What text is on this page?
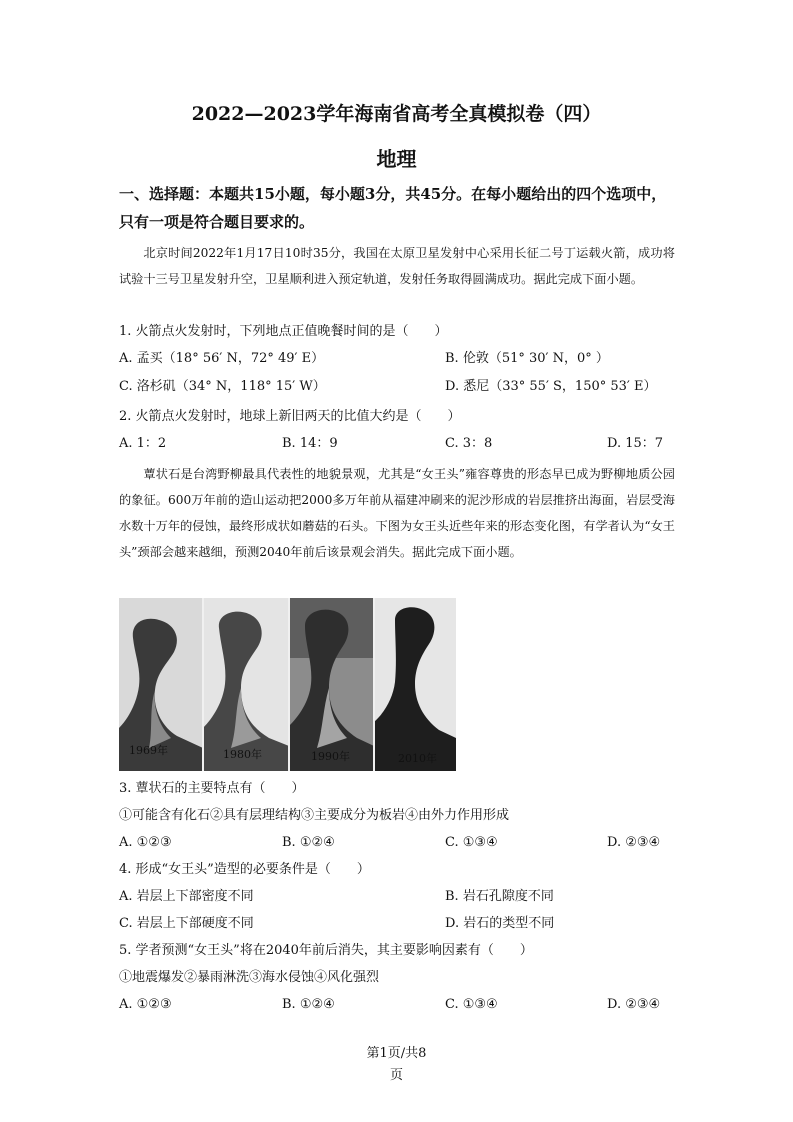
2022—2023学年海南省高考全真模拟卷（四）
地理
一、选择题：本题共15小题，每小题3分，共45分。在每小题给出的四个选项中，只有一项是符合题目要求的。
北京时间2022年1月17日10时35分，我国在太原卫星发射中心采用长征二号丁运载火箭，成功将试验十三号卫星发射升空，卫星顺利进入预定轨道，发射任务取得圆满成功。据此完成下面小题。
1. 火箭点火发射时，下列地点正值晚餐时间的是（　　）
A. 孟买（18° 56′ N，72° 49′ E）	B. 伦敦（51° 30′ N，0° ）
C. 洛杉矶（34° N，118° 15′ W）	D. 悉尼（33° 55′ S，150° 53′ E）
2. 火箭点火发射时，地球上新旧两天的比值大约是（　　）
A. 1：2	B. 14：9	C. 3：8	D. 15：7
蕈状石是台湾野柳最具代表性的地貌景观，尤其是“女王头”雍容尊贵的形态早已成为野柳地质公园的象征。600万年前的造山运动把2000多万年前从福建冲刷来的泥沙形成的岩层推挤出海面，岩层受海水数十万年的侵蚀，最终形成状如蘑菇的石头。下图为女王头近些年来的形态变化图，有学者认为“女王头”颈部会越来越细，预测2040年前后该景观会消失。据此完成下面小题。
1969年	1980年	1990年	2010年
3. 蕈状石的主要特点有（　　）
①可能含有化石②具有层理结构③主要成分为板岩④由外力作用形成
A. ①②③	B. ①②④	C. ①③④	D. ②③④
4. 形成“女王头”造型的必要条件是（　　）
A. 岩层上下部密度不同	B. 岩石孔隙度不同
C. 岩层上下部硬度不同	D. 岩石的类型不同
5. 学者预测“女王头”将在2040年前后消失，其主要影响因素有（　　）
①地震爆发②暴雨淋洗③海水侵蚀④风化强烈
A. ①②③	B. ①②④	C. ①③④	D. ②③④
第1页/共8
页
